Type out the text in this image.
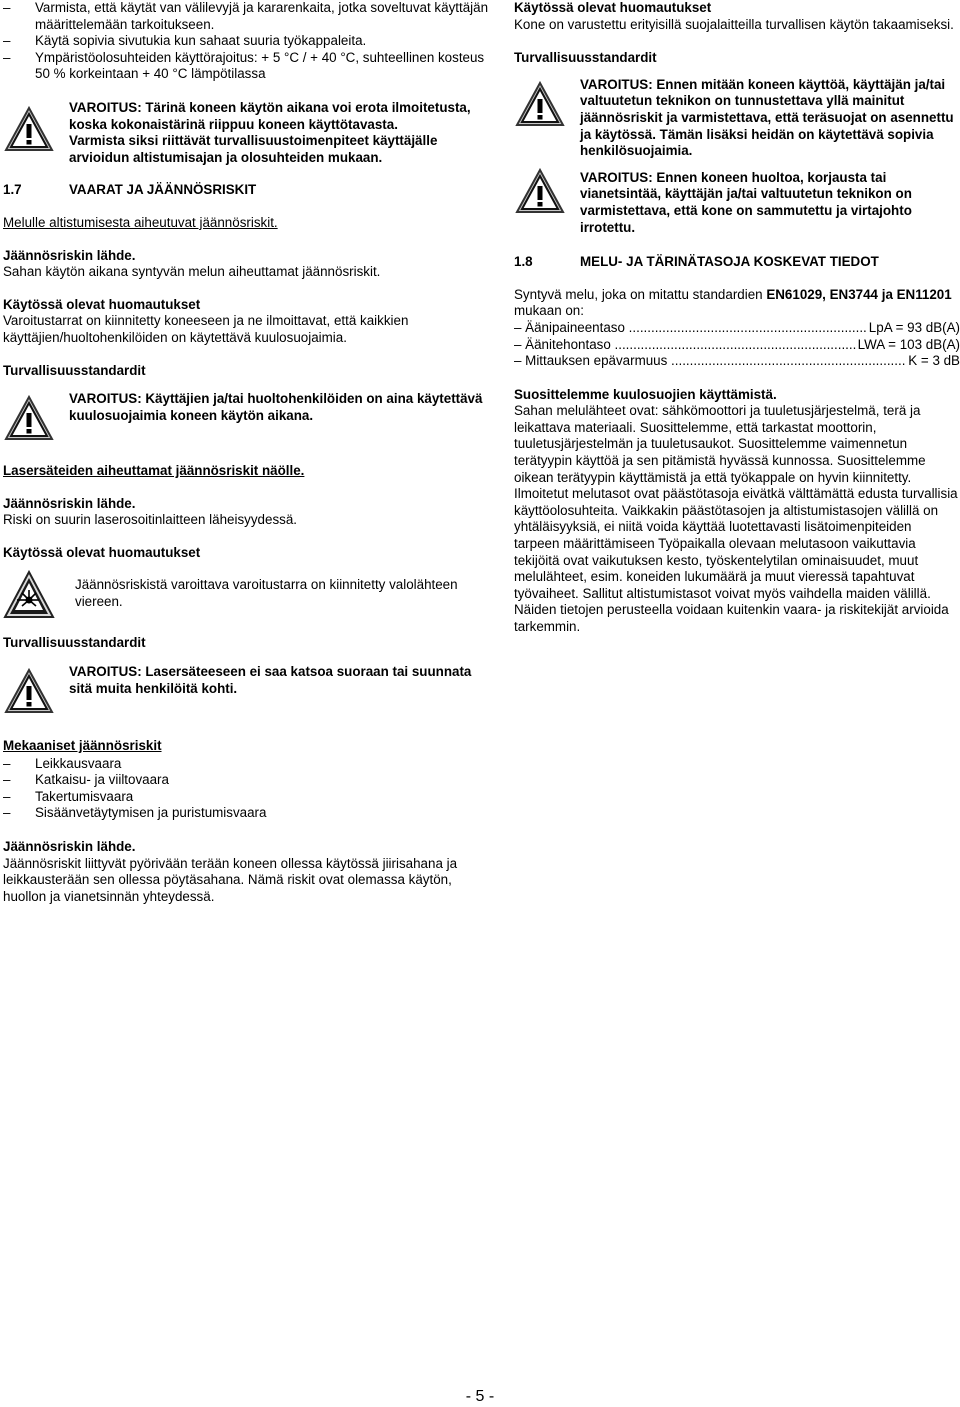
– Varmista, että käytät van välilevyjä ja kararenkaita, jotka soveltuvat käyttäjän määrittelemään tarkoitukseen.
– Käytä sopivia sivutukia kun sahaat suuria työkappaleita.
– Ympäristöolosuhteiden käyttörajoitus: + 5 °C / + 40 °C, suhteellinen kosteus 50 % korkeintaan + 40 °C lämpötilassa

VAROITUS: Tärinä koneen käytön aikana voi erota ilmoitetusta, koska kokonaistärinä riippuu koneen käyttötavasta.

Varmista siksi riittävät turvallisuustoimenpiteet käyttäjälle arvioidun altistumisajan ja olosuhteiden mukaan.

1.7	VAARAT JA JÄÄNNÖSRISKIT

Melulle altistumisesta aiheutuvat jäännösriskit.

Jäännösriskin lähde.

Sahan käytön aikana syntyvän melun aiheuttamat jäännösriskit.

Käytössä olevat huomautukset

Varoitustarrat on kiinnitetty koneeseen ja ne ilmoittavat, että kaikkien käyttäjien/huoltohenkilöiden on käytettävä kuulosuojaimia.

Turvallisuusstandardit

VAROITUS: Käyttäjien ja/tai huoltohenkilöiden on aina käytettävä kuulosuojaimia koneen käytön aikana.

Lasersäteiden aiheuttamat jäännösriskit näölle.

Jäännösriskin lähde.

Riski on suurin laserosoitinlaitteen läheisyydessä.

Käytössä olevat huomautukset

Jäännösriskistä varoittava varoitustarra on kiinnitetty valolähteen viereen.

Turvallisuusstandardit

VAROITUS: Lasersäteeseen ei saa katsoa suoraan tai suunnata sitä muita henkilöitä kohti.

Mekaaniset jäännösriskit

– Leikkausvaara
– Katkaisu- ja viiltovaara
– Takertumisvaara
– Sisäänvetäytymisen ja puristumisvaara

Jäännösriskin lähde.

Jäännösriskit liittyvät pyörivään terään koneen ollessa käytössä jiirisahana ja leikkausterään sen ollessa pöytäsahana. Nämä riskit ovat olemassa käytön, huollon ja vianetsinnän yhteydessä.

Käytössä olevat huomautukset

Kone on varustettu erityisillä suojalaitteilla turvallisen käytön takaamiseksi.

Turvallisuusstandardit

VAROITUS: Ennen mitään koneen käyttöä, käyttäjän ja/tai valtuutetun teknikon on tunnustettava yllä mainitut jäännösriskit ja varmistettava, että teräsuojat on asennettu ja käytössä. Tämän lisäksi heidän on käytettävä sopivia henkilösuojaimia.

VAROITUS: Ennen koneen huoltoa, korjausta tai vianetsintää, käyttäjän ja/tai valtuutetun teknikon on varmistettava, että kone on sammutettu ja virtajohto irrotettu.

1.8	MELU- JA TÄRINÄTASOJA KOSKEVAT TIEDOT

Syntyvä melu, joka on mitattu standardien EN61029, EN3744 ja EN11201 mukaan on:

– Äänipaineentaso .....	LpA = 93 dB(A)
– Äänitehontaso .....	LWA = 103 dB(A)
– Mittauksen epävarmuus .....	K = 3 dB

Suosittelemme kuulosuojien käyttämistä.

Sahan melulähteet ovat: sähkömoottori ja tuuletusjärjestelmä, terä ja leikattava materiaali. Suosittelemme, että tarkastat moottorin, tuuletusjärjestelmän ja tuuletusaukot. Suosittelemme vaimennetun terätyypin käyttöä ja sen pitämistä hyvässä kunnossa. Suosittelemme oikean terätyypin käyttämistä ja että työkappale on hyvin kiinnitetty. Ilmoitetut melutasot ovat päästötasoja eivätkä välttämättä edusta turvallisia käyttöolosuhteita. Vaikkakin päästötasojen ja altistumistasojen välillä on yhtäläisyyksiä, ei niitä voida käyttää luotettavasti lisätoimenpiteiden tarpeen määrittämiseen Työpaikalla olevaan melutasoon vaikuttavia tekijöitä ovat vaikutuksen kesto, työskentelytilan ominaisuudet, muut melulähteet, esim. koneiden lukumäärä ja muut vieressä tapahtuvat työvaiheet. Sallitut altistumistasot voivat myös vaihdella maiden välillä. Näiden tietojen perusteella voidaan kuitenkin vaara- ja riskitekijät arvioida tarkemmin.

- 5 -
